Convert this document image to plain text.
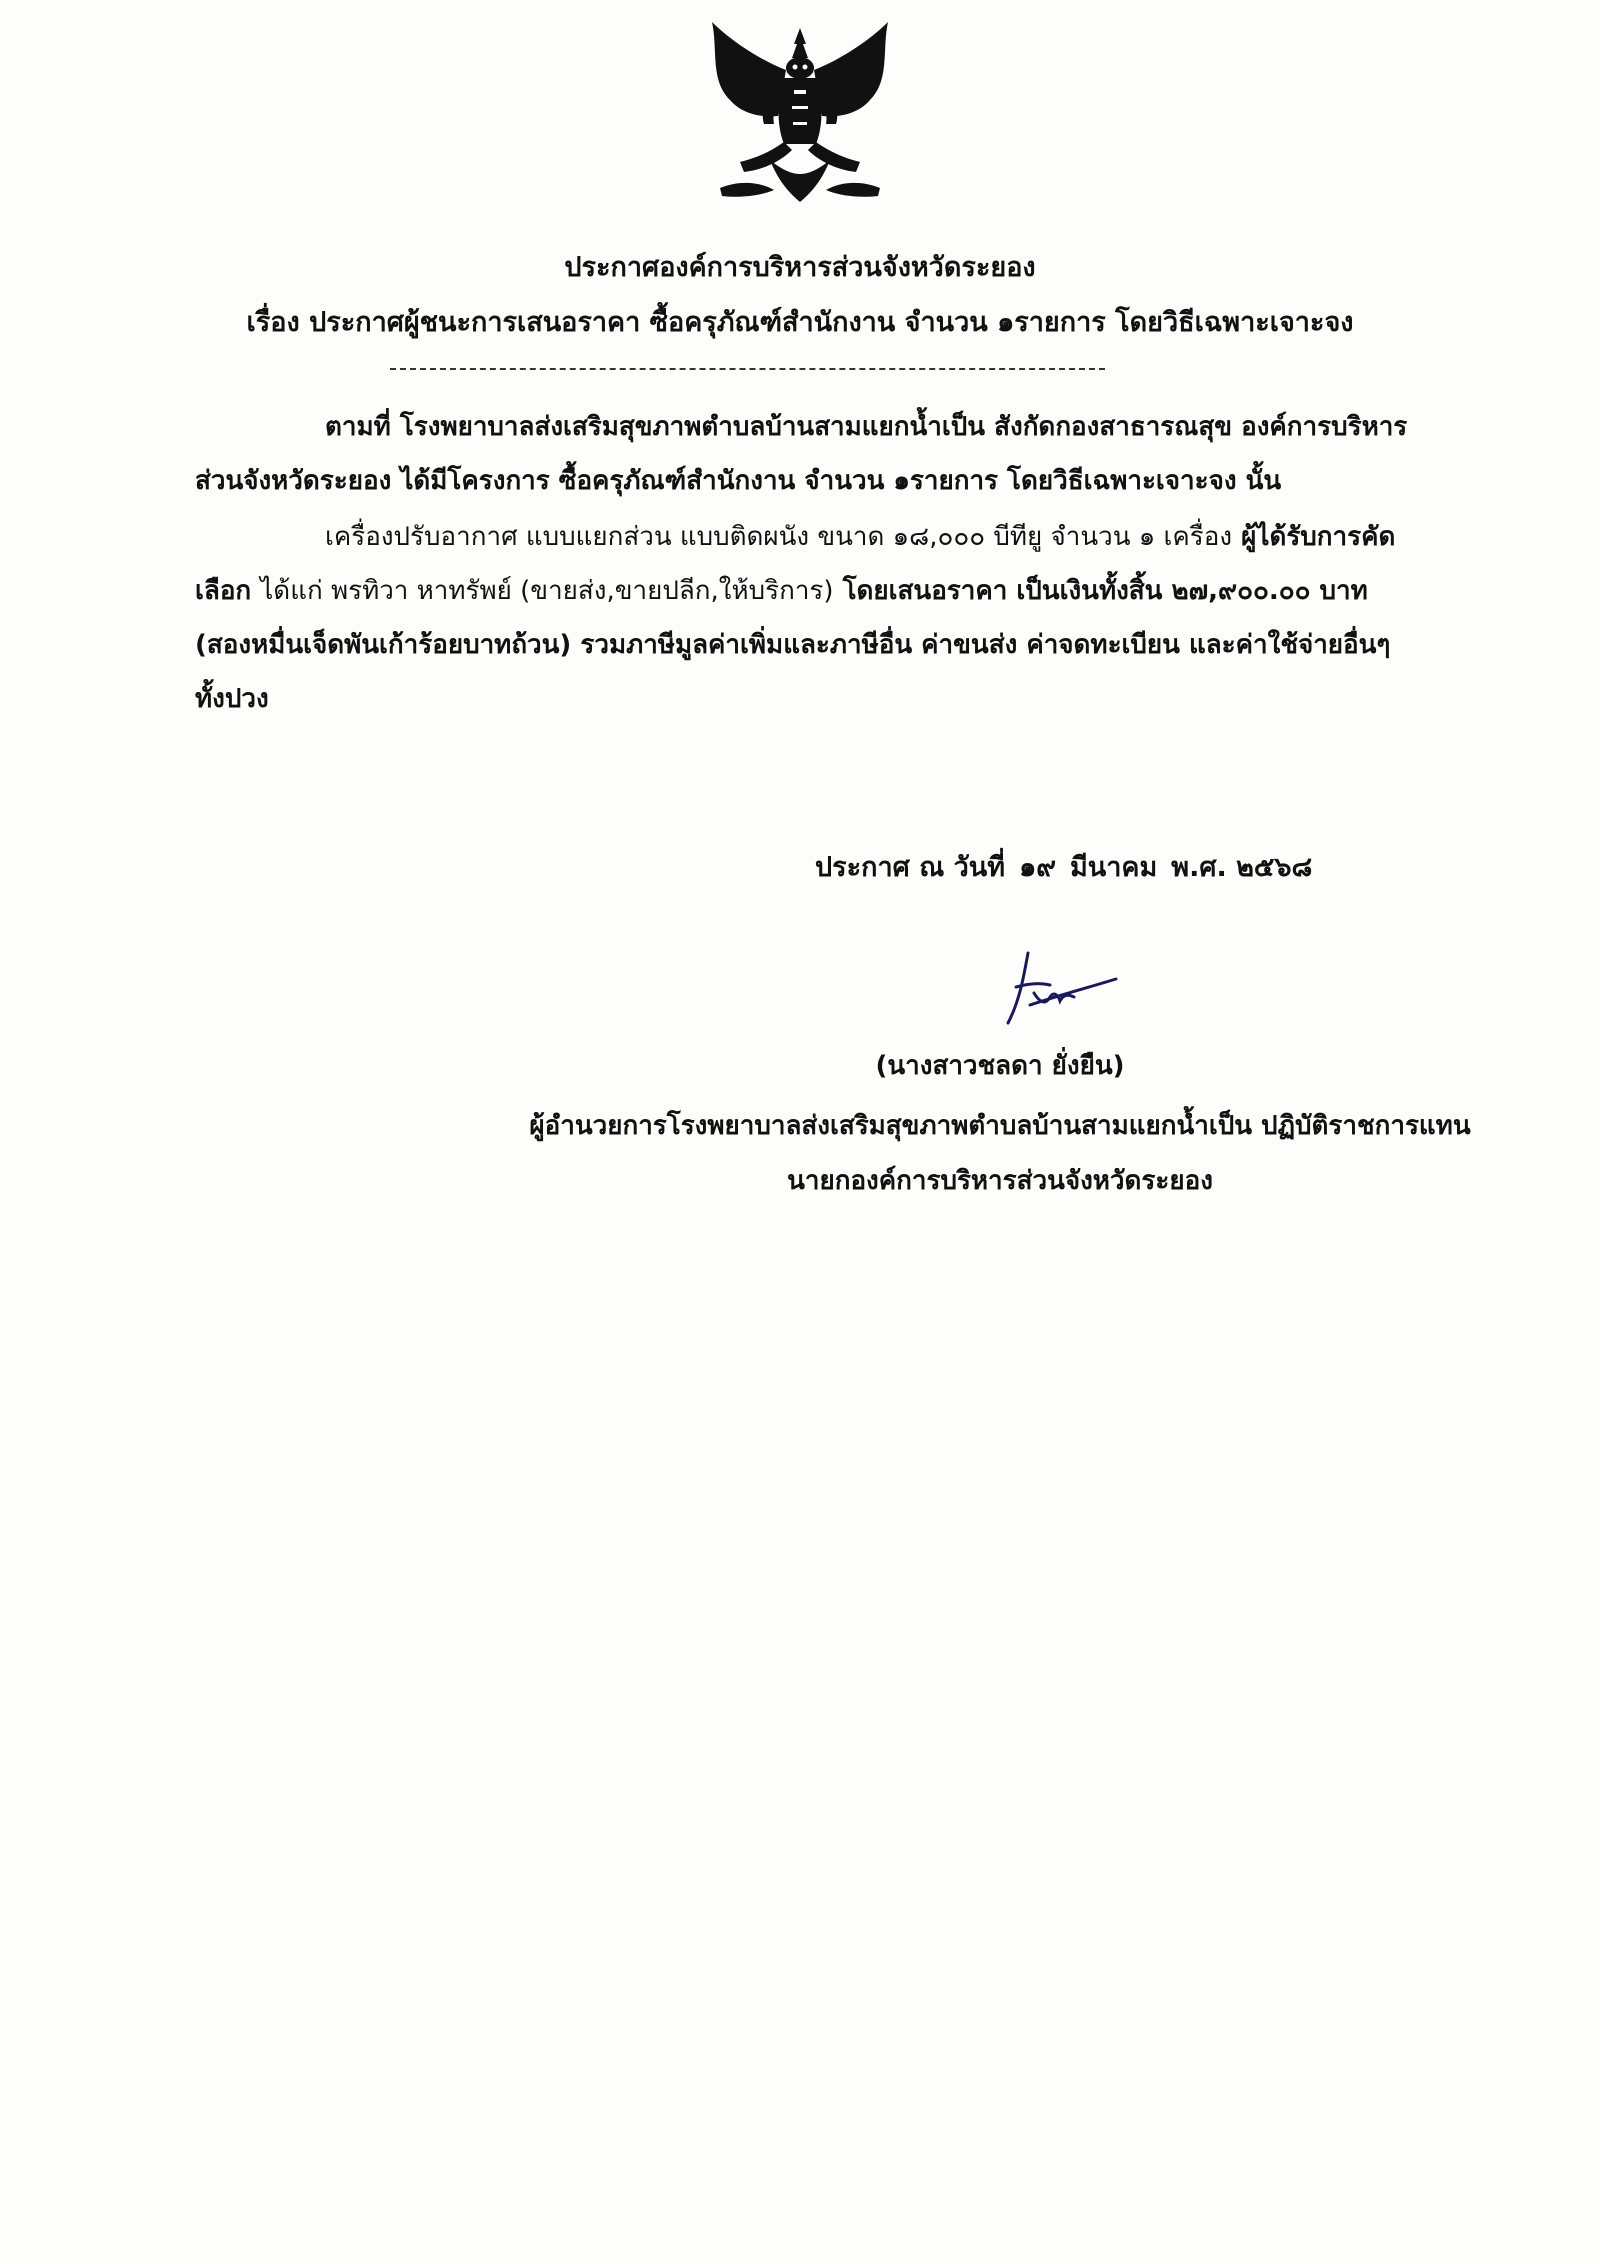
ประกาศองค์การบริหารส่วนจังหวัดระยอง
เรื่อง ประกาศผู้ชนะการเสนอราคา ซื้อครุภัณฑ์สำนักงาน จำนวน ๑รายการ โดยวิธีเฉพาะเจาะจง
ตามที่ โรงพยาบาลส่งเสริมสุขภาพตำบลบ้านสามแยกน้ำเป็น สังกัดกองสาธารณสุข องค์การบริหารส่วนจังหวัดระยอง ได้มีโครงการ ซื้อครุภัณฑ์สำนักงาน จำนวน ๑รายการ โดยวิธีเฉพาะเจาะจง นั้น
เครื่องปรับอากาศ แบบแยกส่วน แบบติดผนัง ขนาด ๑๘,๐๐๐ บีทียู จำนวน ๑ เครื่อง ผู้ได้รับการคัดเลือก ได้แก่ พรทิวา หาทรัพย์ (ขายส่ง,ขายปลีก,ให้บริการ) โดยเสนอราคา เป็นเงินทั้งสิ้น ๒๗,๙๐๐.๐๐ บาท (สองหมื่นเจ็ดพันเก้าร้อยบาทถ้วน) รวมภาษีมูลค่าเพิ่มและภาษีอื่น ค่าขนส่ง ค่าจดทะเบียน และค่าใช้จ่ายอื่นๆ ทั้งปวง
ประกาศ ณ วันที่ ๑๙ มีนาคม พ.ศ. ๒๕๖๘
(นางสาวชลดา ยั่งยืน)
ผู้อำนวยการโรงพยาบาลส่งเสริมสุขภาพตำบลบ้านสามแยกน้ำเป็น ปฏิบัติราชการแทน
นายกองค์การบริหารส่วนจังหวัดระยอง
